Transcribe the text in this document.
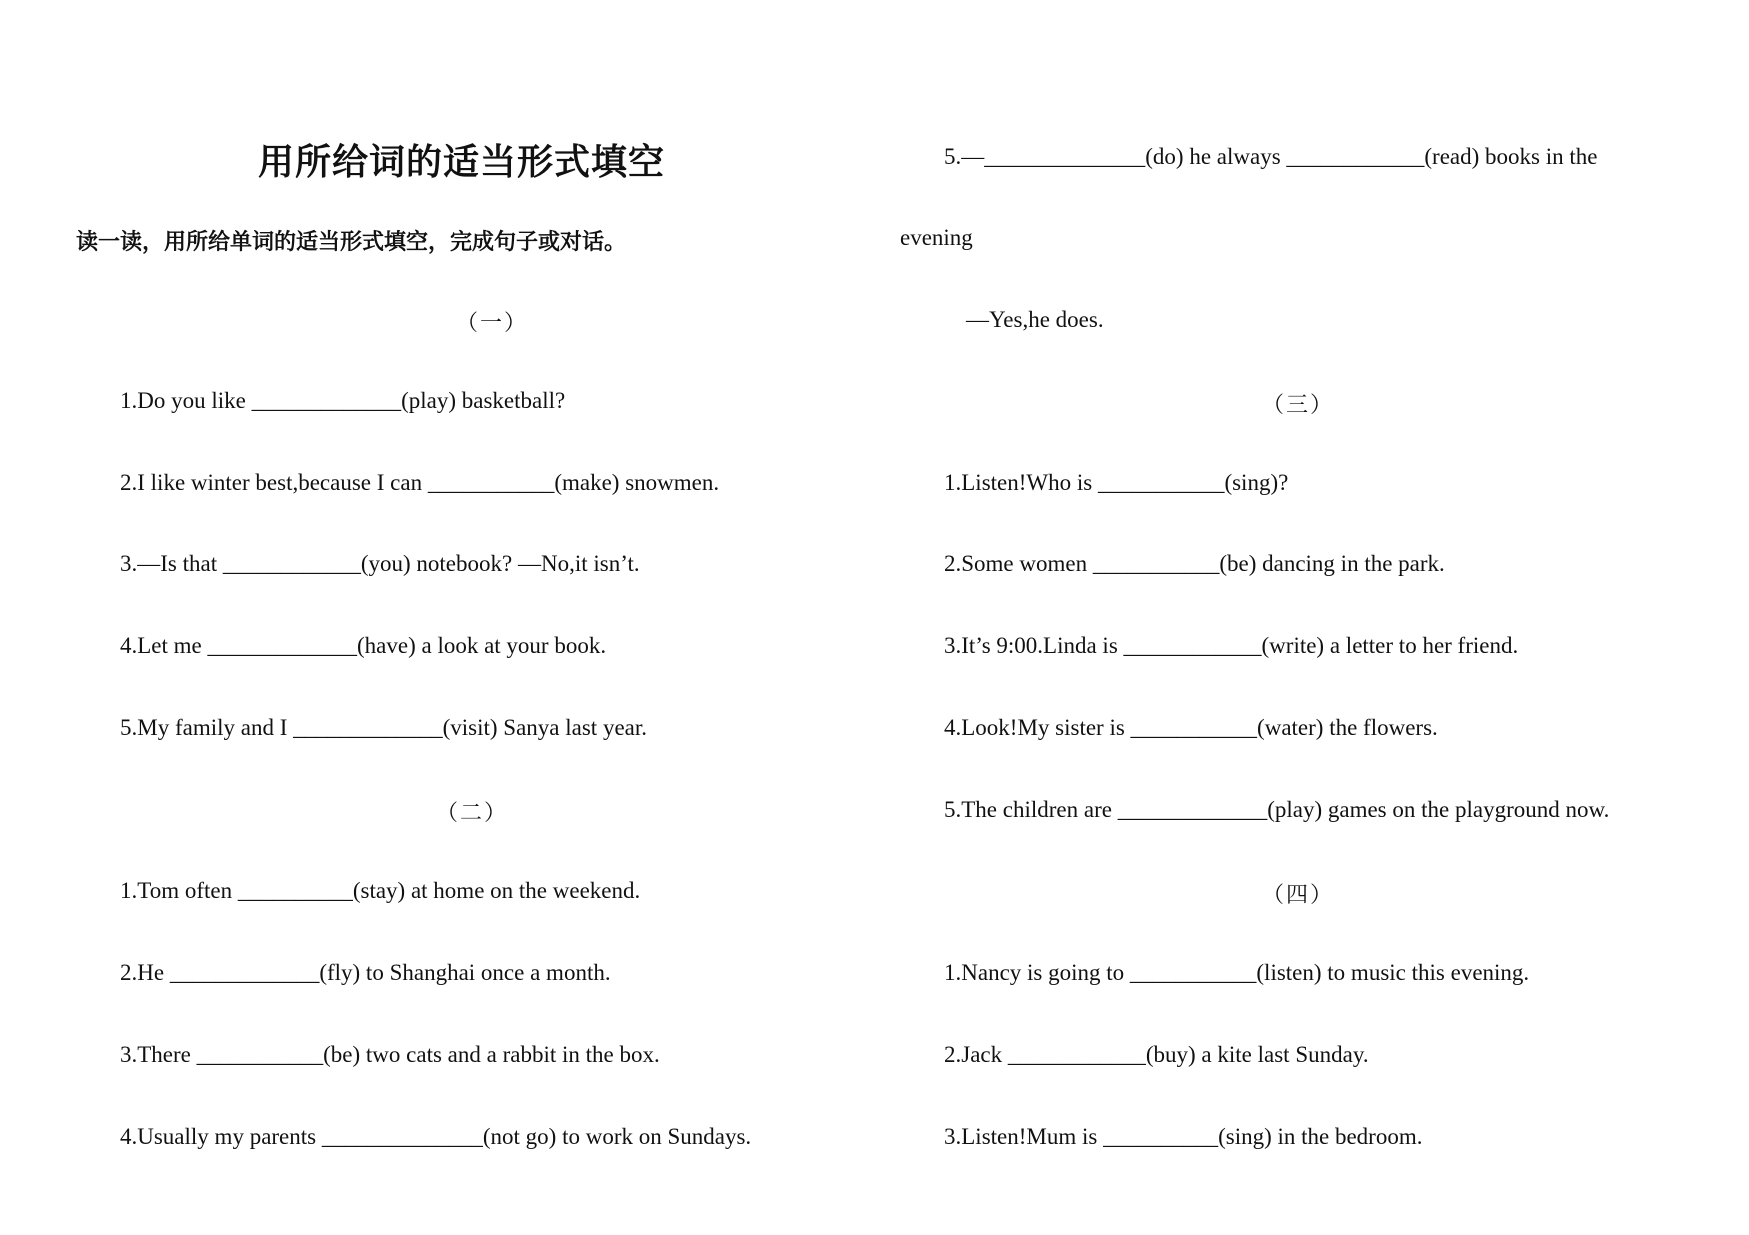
用所给词的适当形式填空
读一读，用所给单词的适当形式填空，完成句子或对话。
（一）
1.Do you like _____________(play) basketball?
2.I like winter best,because I can ___________(make) snowmen.
3.—Is that ____________(you) notebook? —No,it isn’t.
4.Let me _____________(have) a look at your book.
5.My family and I _____________(visit) Sanya last year.
（二）
1.Tom often __________(stay) at home on the weekend.
2.He _____________(fly) to Shanghai once a month.
3.There ___________(be) two cats and a rabbit in the box.
4.Usually my parents ______________(not go) to work on Sundays.
5.—______________(do) he always ____________(read) books in the
evening
—Yes,he does.
（三）
1.Listen!Who is ___________(sing)?
2.Some women ___________(be) dancing in the park.
3.It’s 9:00.Linda is ____________(write) a letter to her friend.
4.Look!My sister is ___________(water) the flowers.
5.The children are _____________(play) games on the playground now.
（四）
1.Nancy is going to ___________(listen) to music this evening.
2.Jack ____________(buy) a kite last Sunday.
3.Listen!Mum is __________(sing) in the bedroom.
